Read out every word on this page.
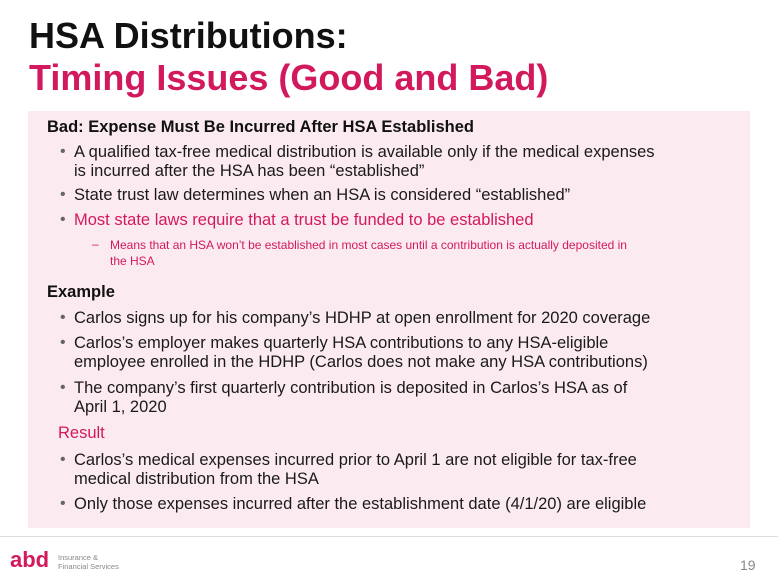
HSA Distributions:
Timing Issues (Good and Bad)
Bad: Expense Must Be Incurred After HSA Established
• A qualified tax-free medical distribution is available only if the medical expenses
is incurred after the HSA has been “established”
• State trust law determines when an HSA is considered “established”
• Most state laws require that a trust be funded to be established
– Means that an HSA won’t be established in most cases until a contribution is actually deposited in
the HSA
Example
• Carlos signs up for his company’s HDHP at open enrollment for 2020 coverage
• Carlos’s employer makes quarterly HSA contributions to any HSA-eligible
employee enrolled in the HDHP (Carlos does not make any HSA contributions)
• The company’s first quarterly contribution is deposited in Carlos’s HSA as of
April 1, 2020
Result
• Carlos’s medical expenses incurred prior to April 1 are not eligible for tax-free
medical distribution from the HSA
• Only those expenses incurred after the establishment date (4/1/20) are eligible
abd Insurance &
Financial Services	19
